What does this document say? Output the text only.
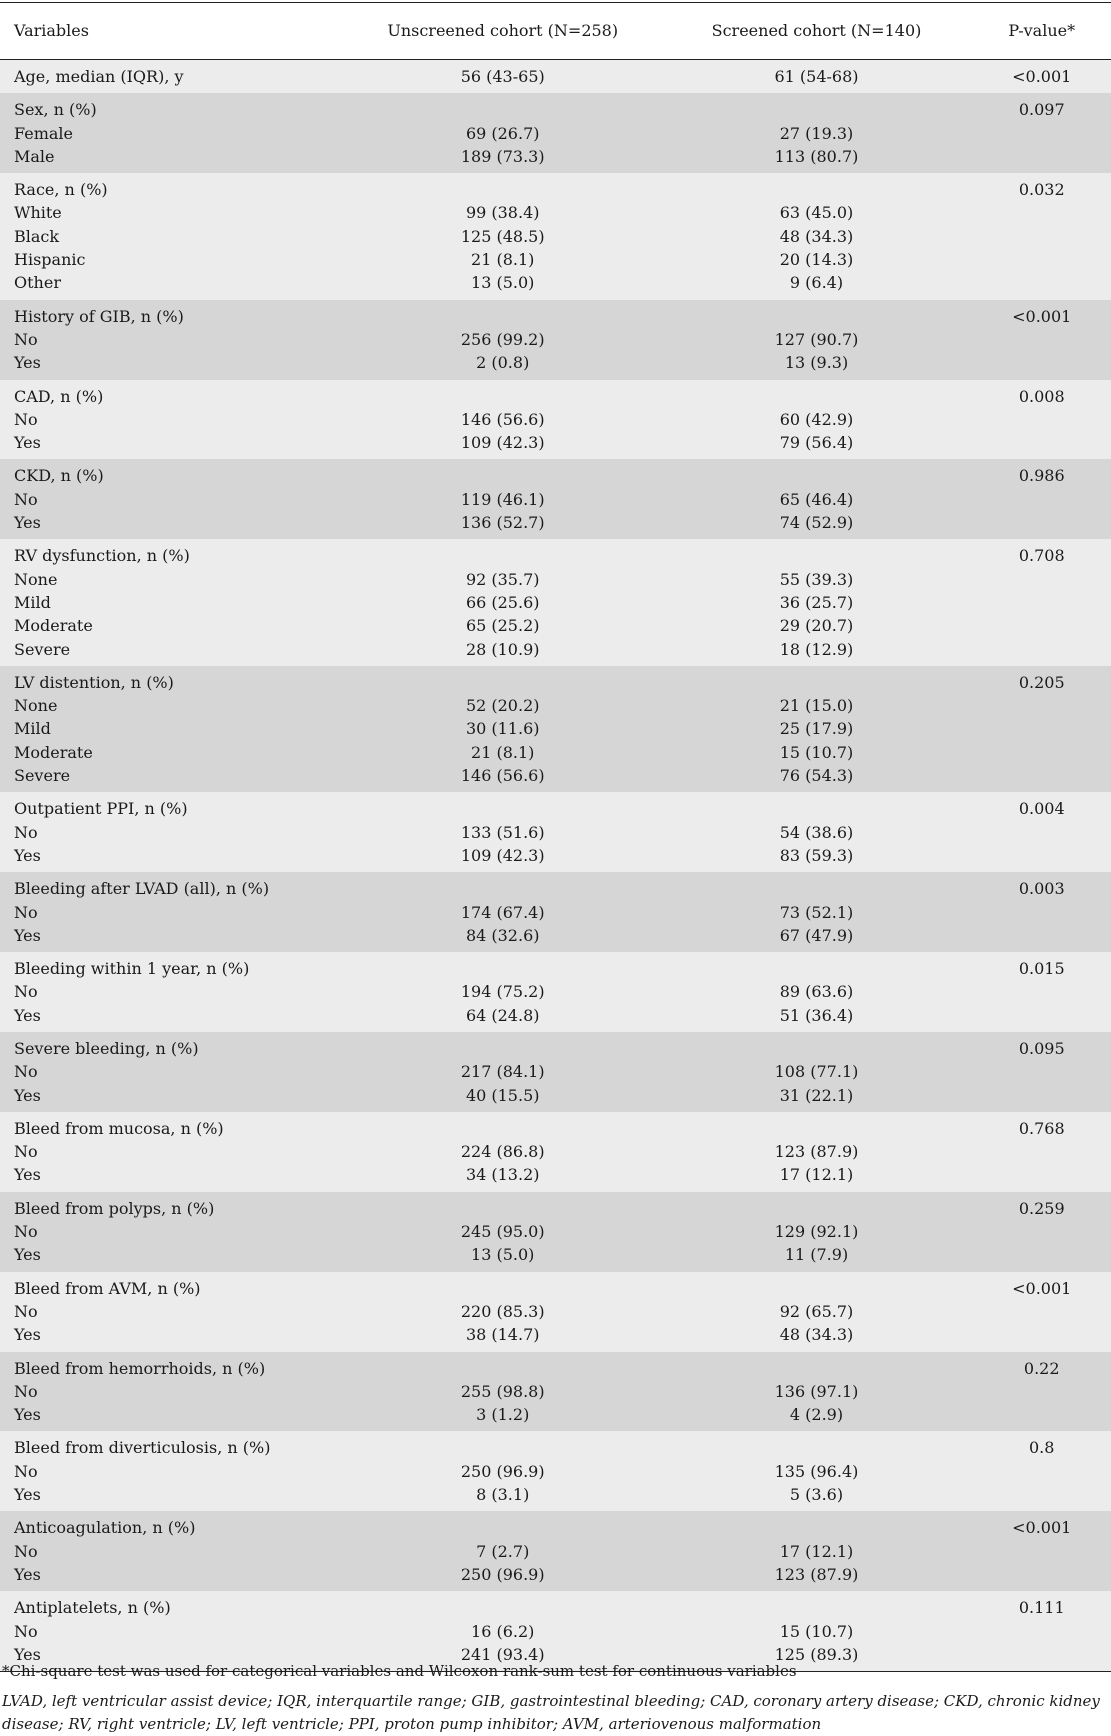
Variables	Unscreened cohort (N=258)	Screened cohort (N=140)	P-value*
Age, median (IQR), y	56 (43-65)	61 (54-68)	<0.001
Sex, n (%)			0.097
Female	69 (26.7)	27 (19.3)	
Male	189 (73.3)	113 (80.7)	
Race, n (%)			0.032
White	99 (38.4)	63 (45.0)	
Black	125 (48.5)	48 (34.3)	
Hispanic	21 (8.1)	20 (14.3)	
Other	13 (5.0)	9 (6.4)	
History of GIB, n (%)			<0.001
No	256 (99.2)	127 (90.7)	
Yes	2 (0.8)	13 (9.3)	
CAD, n (%)			0.008
No	146 (56.6)	60 (42.9)	
Yes	109 (42.3)	79 (56.4)	
CKD, n (%)			0.986
No	119 (46.1)	65 (46.4)	
Yes	136 (52.7)	74 (52.9)	
RV dysfunction, n (%)			0.708
None	92 (35.7)	55 (39.3)	
Mild	66 (25.6)	36 (25.7)	
Moderate	65 (25.2)	29 (20.7)	
Severe	28 (10.9)	18 (12.9)	
LV distention, n (%)			0.205
None	52 (20.2)	21 (15.0)	
Mild	30 (11.6)	25 (17.9)	
Moderate	21 (8.1)	15 (10.7)	
Severe	146 (56.6)	76 (54.3)	
Outpatient PPI, n (%)			0.004
No	133 (51.6)	54 (38.6)	
Yes	109 (42.3)	83 (59.3)	
Bleeding after LVAD (all), n (%)			0.003
No	174 (67.4)	73 (52.1)	
Yes	84 (32.6)	67 (47.9)	
Bleeding within 1 year, n (%)			0.015
No	194 (75.2)	89 (63.6)	
Yes	64 (24.8)	51 (36.4)	
Severe bleeding, n (%)			0.095
No	217 (84.1)	108 (77.1)	
Yes	40 (15.5)	31 (22.1)	
Bleed from mucosa, n (%)			0.768
No	224 (86.8)	123 (87.9)	
Yes	34 (13.2)	17 (12.1)	
Bleed from polyps, n (%)			0.259
No	245 (95.0)	129 (92.1)	
Yes	13 (5.0)	11 (7.9)	
Bleed from AVM, n (%)			<0.001
No	220 (85.3)	92 (65.7)	
Yes	38 (14.7)	48 (34.3)	
Bleed from hemorrhoids, n (%)			0.22
No	255 (98.8)	136 (97.1)	
Yes	3 (1.2)	4 (2.9)	
Bleed from diverticulosis, n (%)			0.8
No	250 (96.9)	135 (96.4)	
Yes	8 (3.1)	5 (3.6)	
Anticoagulation, n (%)			<0.001
No	7 (2.7)	17 (12.1)	
Yes	250 (96.9)	123 (87.9)	
Antiplatelets, n (%)			0.111
No	16 (6.2)	15 (10.7)	
Yes	241 (93.4)	125 (89.3)	
*Chi-square test was used for categorical variables and Wilcoxon rank-sum test for continuous variables
LVAD, left ventricular assist device; IQR, interquartile range; GIB, gastrointestinal bleeding; CAD, coronary artery disease; CKD, chronic kidney disease; RV, right ventricle; LV, left ventricle; PPI, proton pump inhibitor; AVM, arteriovenous malformation
